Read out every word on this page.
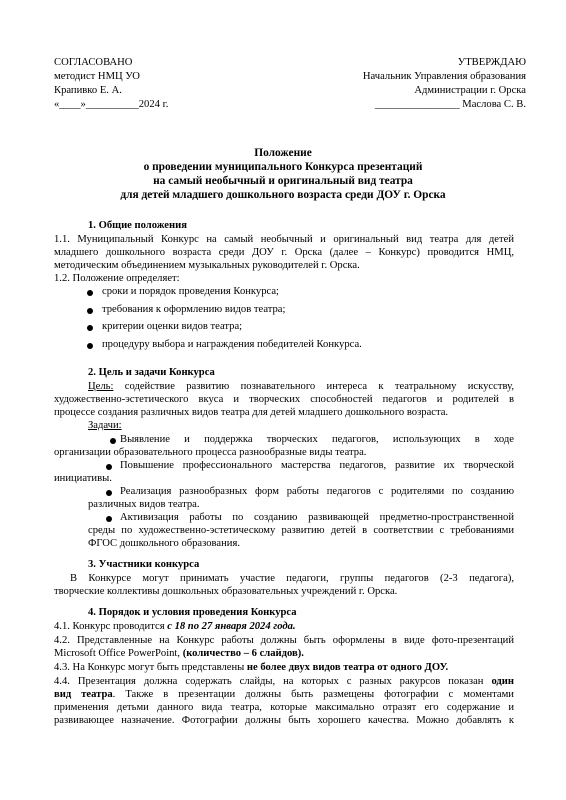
СОГЛАСОВАНО
методист НМЦ УО
Крапивко Е. А.
«____»__________2024 г.
УТВЕРЖДАЮ
Начальник Управления образования
Администрации г. Орска
________________ Маслова С. В.
Положение
о проведении муниципального Конкурса презентаций
на самый необычный и оригинальный вид театра
для детей младшего дошкольного возраста среди ДОУ г. Орска
1. Общие положения
1.1. Муниципальный Конкурс на самый необычный и оригинальный вид театра для детей
младшего дошкольного возраста среди ДОУ г. Орска (далее – Конкурс) проводится НМЦ,
методическим объединением музыкальных руководителей г. Орска.
1.2. Положение определяет:
сроки и порядок проведения Конкурса;
требования к оформлению видов театра;
критерии оценки видов театра;
процедуру выбора и награждения победителей Конкурса.
2. Цель и задачи Конкурса
Цель: содействие развитию познавательного интереса к театральному искусству,
художественно-эстетического вкуса и творческих способностей педагогов и родителей в
процессе создания различных видов театра для детей младшего дошкольного возраста.
Задачи:
Выявление и поддержка творческих педагогов, использующих в ходе
организации образовательного процесса разнообразные виды театра.
Повышение профессионального мастерства педагогов, развитие их творческой
инициативы.
Реализация разнообразных форм работы педагогов с родителями по созданию
различных видов театра.
Активизация работы по созданию развивающей предметно-пространственной
среды по художественно-эстетическому развитию детей в соответствии с требованиями
ФГОС дошкольного образования.
3. Участники конкурса
В Конкурсе могут принимать участие педагоги, группы педагогов (2-3 педагога),
творческие коллективы дошкольных образовательных учреждений г. Орска.
4. Порядок и условия проведения Конкурса
4.1. Конкурс проводится с 18 по 27 января 2024 года.
4.2. Представленные на Конкурс работы должны быть оформлены в виде фото-презентаций
Microsoft Office PowerPoint, (количество – 6 слайдов).
4.3. На Конкурс могут быть представлены не более двух видов театра от одного ДОУ.
4.4. Презентация должна содержать слайды, на которых с разных ракурсов показан один
вид театра. Также в презентации должны быть размещены фотографии с моментами
применения детьми данного вида театра, которые максимально отразят его содержание и
развивающее назначение. Фотографии должны быть хорошего качества. Можно добавлять к
